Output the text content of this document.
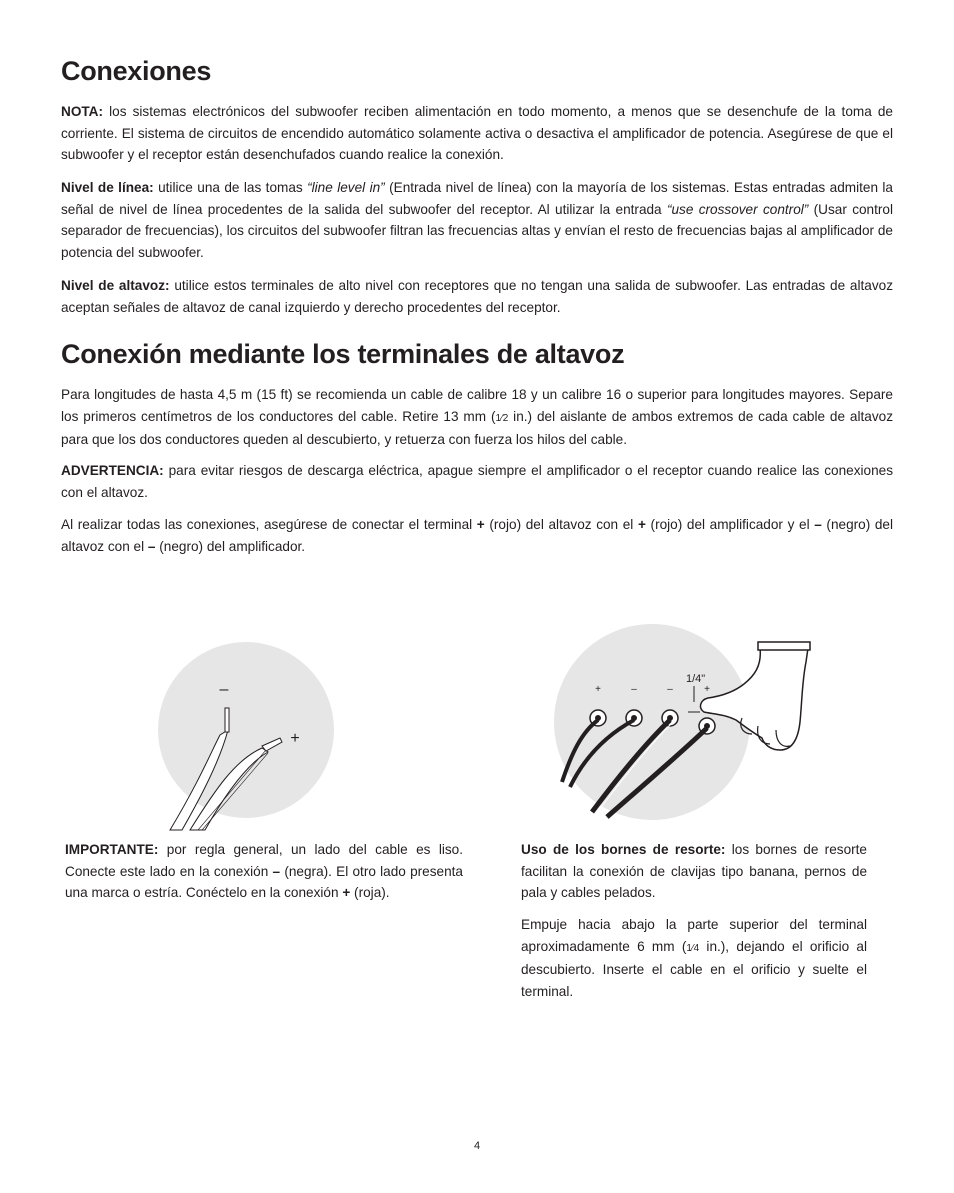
Conexiones

NOTA: los sistemas electrónicos del subwoofer reciben alimentación en todo momento, a menos que se desenchufe de la toma de corriente. El sistema de circuitos de encendido automático solamente activa o desactiva el amplificador de potencia. Asegúrese de que el subwoofer y el receptor están desenchufados cuando realice la conexión.

Nivel de línea: utilice una de las tomas “line level in” (Entrada nivel de línea) con la mayoría de los sistemas. Estas entradas admiten la señal de nivel de línea procedentes de la salida del subwoofer del receptor. Al utilizar la entrada “use crossover control” (Usar control separador de frecuencias), los circuitos del subwoofer filtran las frecuencias altas y envían el resto de frecuencias bajas al amplificador de potencia del subwoofer.

Nivel de altavoz: utilice estos terminales de alto nivel con receptores que no tengan una salida de subwoofer. Las entradas de altavoz aceptan señales de altavoz de canal izquierdo y derecho procedentes del receptor.

Conexión mediante los terminales de altavoz

Para longitudes de hasta 4,5 m (15 ft) se recomienda un cable de calibre 18 y un calibre 16 o superior para longitudes mayores. Separe los primeros centímetros de los conductores del cable. Retire 13 mm (1⁄2 in.) del aislante de ambos extremos de cada cable de altavoz para que los dos conductores queden al descubierto, y retuerza con fuerza los hilos del cable.

ADVERTENCIA: para evitar riesgos de descarga eléctrica, apague siempre el amplificador o el receptor cuando realice las conexiones con el altavoz.

Al realizar todas las conexiones, asegúrese de conectar el terminal + (rojo) del altavoz con el + (rojo) del amplificador y el – (negro) del altavoz con el – (negro) del amplificador.

–
+
+	–	–	+
1/4"

IMPORTANTE: por regla general, un lado del cable es liso. Conecte este lado en la conexión – (negra). El otro lado presenta una marca o estría. Conéctelo en la conexión + (roja).

Uso de los bornes de resorte: los bornes de resorte facilitan la conexión de clavijas tipo banana, pernos de pala y cables pelados.

Empuje hacia abajo la parte superior del terminal aproximadamente 6 mm (1⁄4 in.), dejando el orificio al descubierto. Inserte el cable en el orificio y suelte el terminal.

4
